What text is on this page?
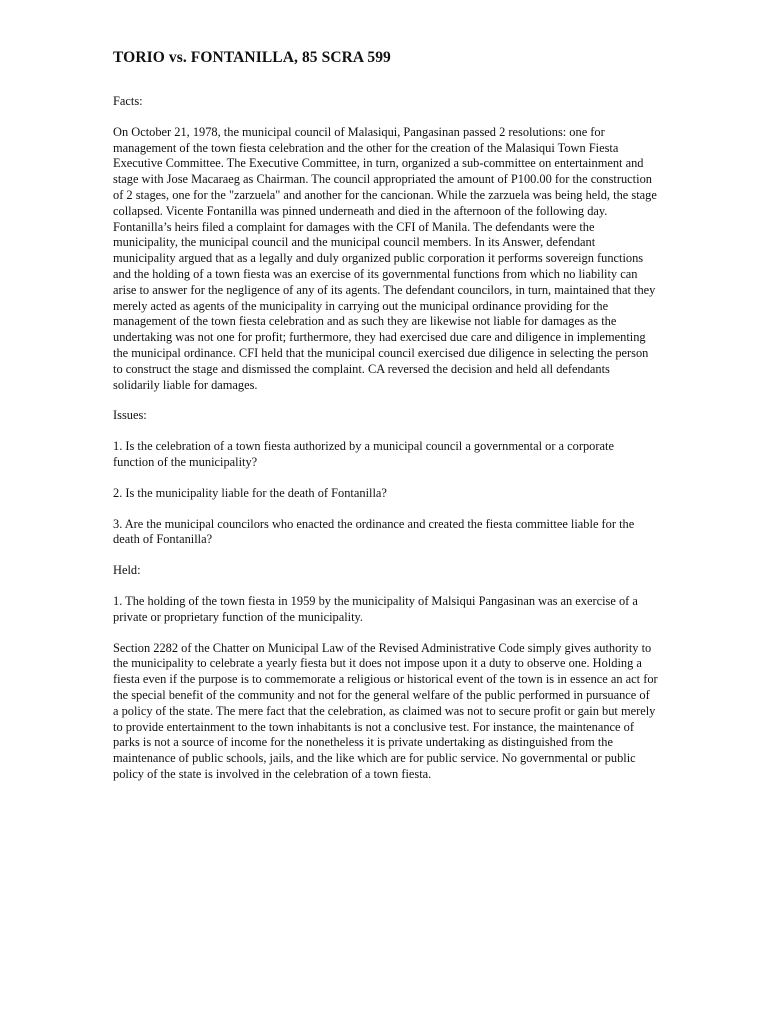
TORIO vs. FONTANILLA, 85 SCRA 599

Facts:

On October 21, 1978, the municipal council of Malasiqui, Pangasinan passed 2 resolutions: one for management of the town fiesta celebration and the other for the creation of the Malasiqui Town Fiesta Executive Committee. The Executive Committee, in turn, organized a sub-committee on entertainment and stage with Jose Macaraeg as Chairman. The council appropriated the amount of P100.00 for the construction of 2 stages, one for the "zarzuela" and another for the cancionan. While the zarzuela was being held, the stage collapsed. Vicente Fontanilla was pinned underneath and died in the afternoon of the following day. Fontanilla’s heirs filed a complaint for damages with the CFI of Manila. The defendants were the municipality, the municipal council and the municipal council members. In its Answer, defendant municipality argued that as a legally and duly organized public corporation it performs sovereign functions and the holding of a town fiesta was an exercise of its governmental functions from which no liability can arise to answer for the negligence of any of its agents. The defendant councilors, in turn, maintained that they merely acted as agents of the municipality in carrying out the municipal ordinance providing for the management of the town fiesta celebration and as such they are likewise not liable for damages as the undertaking was not one for profit; furthermore, they had exercised due care and diligence in implementing the municipal ordinance. CFI held that the municipal council exercised due diligence in selecting the person to construct the stage and dismissed the complaint. CA reversed the decision and held all defendants solidarily liable for damages.

Issues:

1. Is the celebration of a town fiesta authorized by a municipal council a governmental or a corporate function of the municipality?

2. Is the municipality liable for the death of Fontanilla?

3. Are the municipal councilors who enacted the ordinance and created the fiesta committee liable for the death of Fontanilla?

Held:

1. The holding of the town fiesta in 1959 by the municipality of Malsiqui Pangasinan was an exercise of a private or proprietary function of the municipality.

Section 2282 of the Chatter on Municipal Law of the Revised Administrative Code simply gives authority to the municipality to celebrate a yearly fiesta but it does not impose upon it a duty to observe one. Holding a fiesta even if the purpose is to commemorate a religious or historical event of the town is in essence an act for the special benefit of the community and not for the general welfare of the public performed in pursuance of a policy of the state. The mere fact that the celebration, as claimed was not to secure profit or gain but merely to provide entertainment to the town inhabitants is not a conclusive test. For instance, the maintenance of parks is not a source of income for the nonetheless it is private undertaking as distinguished from the maintenance of public schools, jails, and the like which are for public service. No governmental or public policy of the state is involved in the celebration of a town fiesta.
